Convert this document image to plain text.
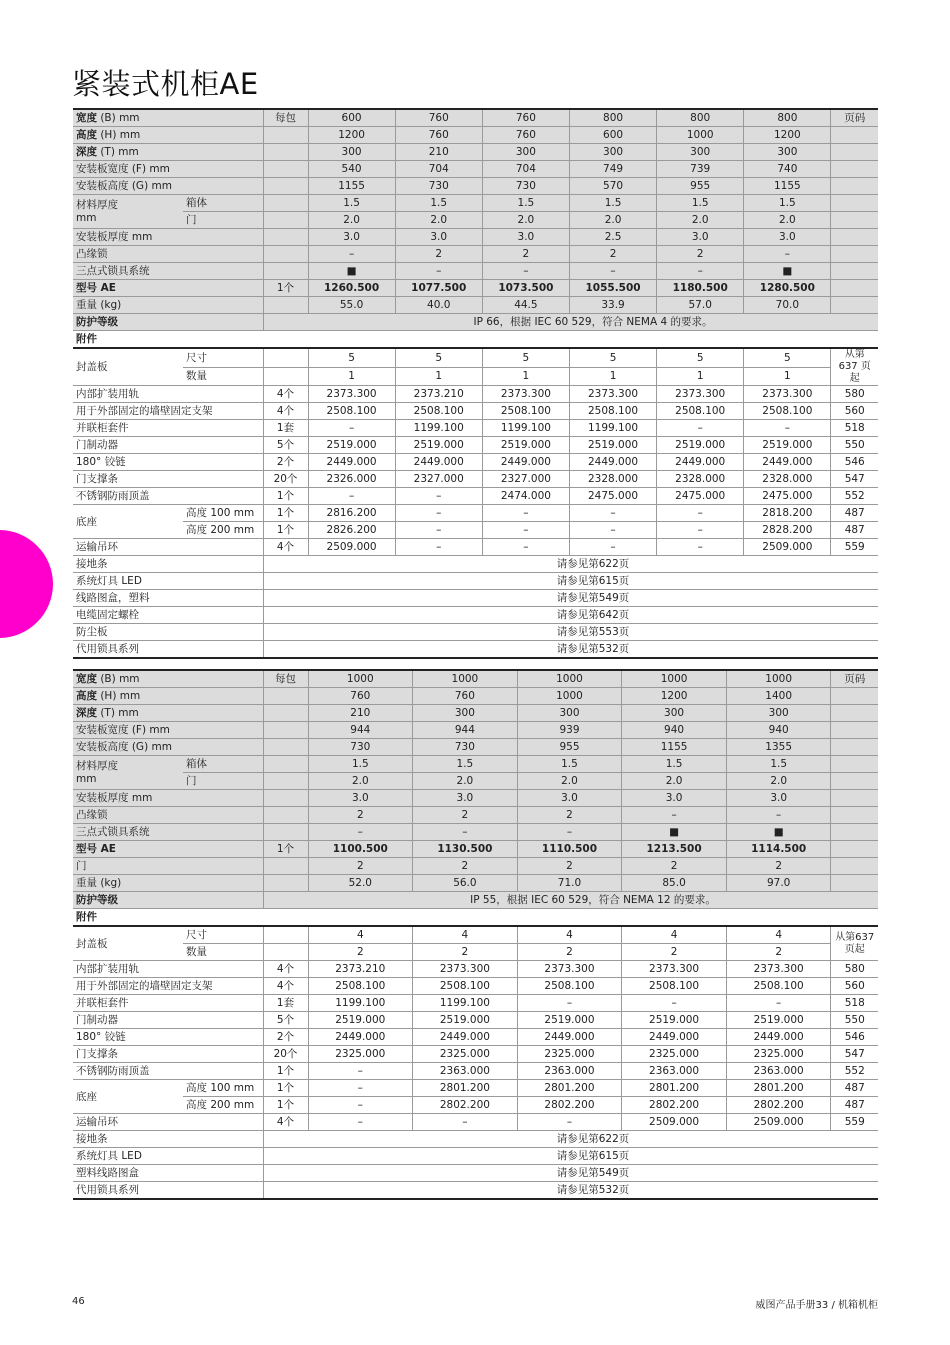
紧装式机柜AE
宽度 (B) mm		每包	600	760	760	800	800	800	页码
高度 (H) mm			1200	760	760	600	1000	1200	
深度 (T) mm			300	210	300	300	300	300	
安装板宽度 (F) mm			540	704	704	749	739	740	
安装板高度 (G) mm			1155	730	730	570	955	1155	
材料厚度
mm	箱体		1.5	1.5	1.5	1.5	1.5	1.5	
	门		2.0	2.0	2.0	2.0	2.0	2.0	
安装板厚度 mm			3.0	3.0	3.0	2.5	3.0	3.0	
凸缘锁			–	2	2	2	2	–	
三点式锁具系统			■	–	–	–	–	■	
型号 AE		1个	1260.500	1077.500	1073.500	1055.500	1180.500	1280.500	
重量 (kg)			55.0	40.0	44.5	33.9	57.0	70.0	
防护等级			IP 66，根据 IEC 60 529，符合 NEMA 4 的要求。						
附件									
封盖板	尺寸		5	5	5	5	5	5	从第 637 页起
	数量		1	1	1	1	1	1	
内部扩装用轨		4个	2373.300	2373.210	2373.300	2373.300	2373.300	2373.300	580
用于外部固定的墙壁固定支架		4个	2508.100	2508.100	2508.100	2508.100	2508.100	2508.100	560
并联柜套件		1套	–	1199.100	1199.100	1199.100	–	–	518
门制动器		5个	2519.000	2519.000	2519.000	2519.000	2519.000	2519.000	550
180° 铰链		2个	2449.000	2449.000	2449.000	2449.000	2449.000	2449.000	546
门支撑条		20个	2326.000	2327.000	2327.000	2328.000	2328.000	2328.000	547
不锈钢防雨顶盖		1个	–	–	2474.000	2475.000	2475.000	2475.000	552
底座	高度 100 mm	1个	2816.200	–	–	–	–	2818.200	487
	高度 200 mm	1个	2826.200	–	–	–	–	2828.200	487
运输吊环		4个	2509.000	–	–	–	–	2509.000	559
接地条			请参见第622页						
系统灯具 LED			请参见第615页						
线路图盒，塑料			请参见第549页						
电缆固定螺栓			请参见第642页						
防尘板			请参见第553页						
代用锁具系列			请参见第532页						
宽度 (B) mm		每包	1000	1000	1000	1000	1000	页码
高度 (H) mm			760	760	1000	1200	1400	
深度 (T) mm			210	300	300	300	300	
安装板宽度 (F) mm			944	944	939	940	940	
安装板高度 (G) mm			730	730	955	1155	1355	
材料厚度
mm	箱体		1.5	1.5	1.5	1.5	1.5	
	门		2.0	2.0	2.0	2.0	2.0	
安装板厚度 mm			3.0	3.0	3.0	3.0	3.0	
凸缘锁			2	2	2	–	–	
三点式锁具系统			–	–	–	■	■	
型号 AE		1个	1100.500	1130.500	1110.500	1213.500	1114.500	
门			2	2	2	2	2	
重量 (kg)			52.0	56.0	71.0	85.0	97.0	
防护等级			IP 55，根据 IEC 60 529，符合 NEMA 12 的要求。					
附件								
封盖板	尺寸		4	4	4	4	4	从第637 页起
	数量		2	2	2	2	2	
内部扩装用轨		4个	2373.210	2373.300	2373.300	2373.300	2373.300	580
用于外部固定的墙壁固定支架		4个	2508.100	2508.100	2508.100	2508.100	2508.100	560
并联柜套件		1套	1199.100	1199.100	–	–	–	518
门制动器		5个	2519.000	2519.000	2519.000	2519.000	2519.000	550
180° 铰链		2个	2449.000	2449.000	2449.000	2449.000	2449.000	546
门支撑条		20个	2325.000	2325.000	2325.000	2325.000	2325.000	547
不锈钢防雨顶盖		1个	–	2363.000	2363.000	2363.000	2363.000	552
底座	高度 100 mm	1个	–	2801.200	2801.200	2801.200	2801.200	487
	高度 200 mm	1个	–	2802.200	2802.200	2802.200	2802.200	487
运输吊环		4个	–	–	–	2509.000	2509.000	559
接地条			请参见第622页					
系统灯具 LED			请参见第615页					
塑料线路图盒			请参见第549页					
代用锁具系列			请参见第532页					
46	威图产品手册33 / 机箱机柜
